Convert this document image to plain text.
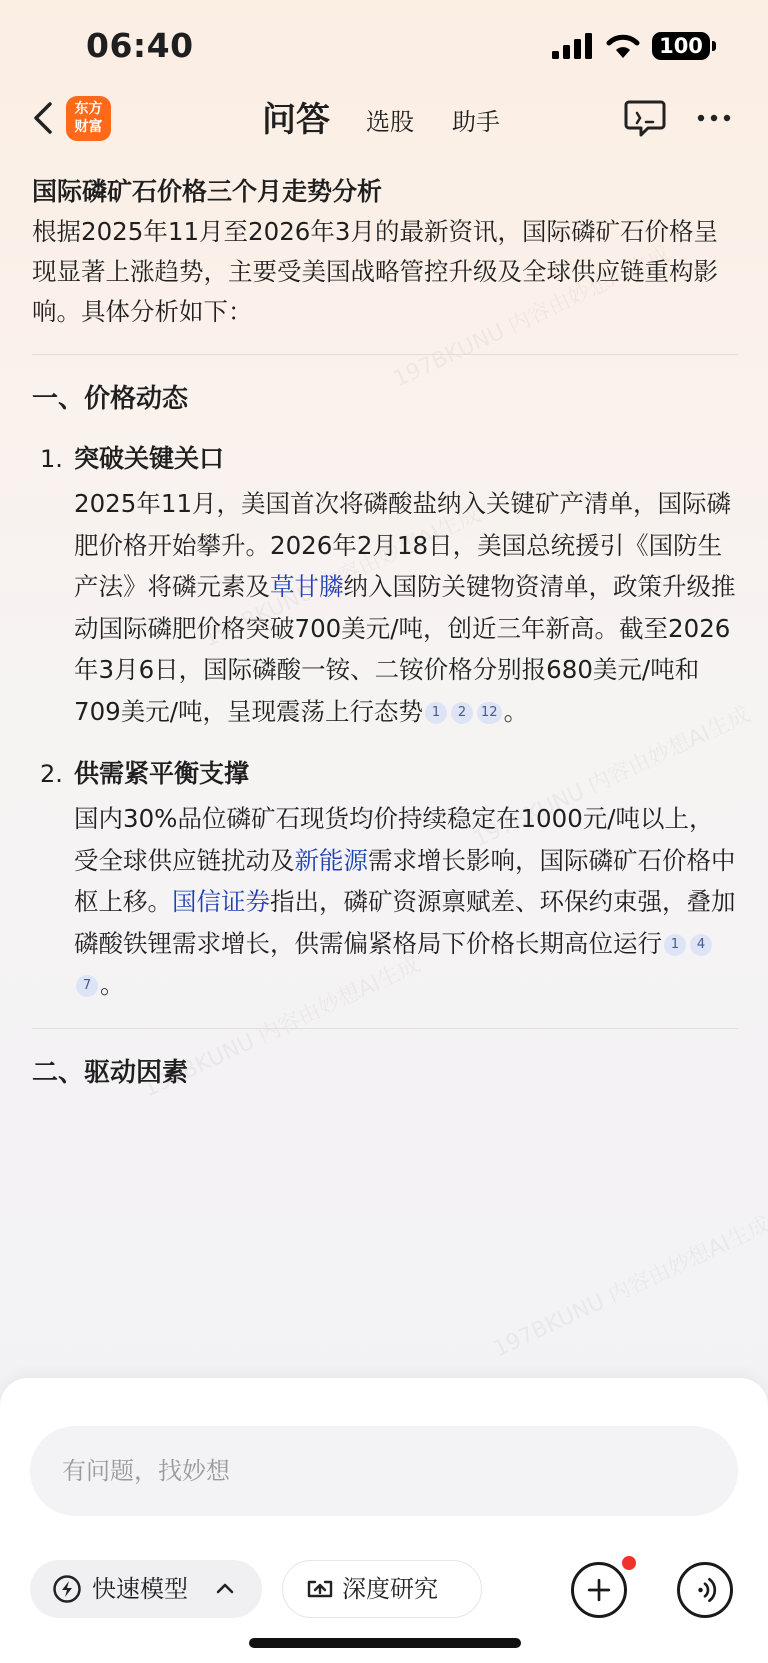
06:40	100
东方
财富	问答 选股 助手

国际磷矿石价格三个月走势分析

根据2025年11月至2026年3月的最新资讯，国际磷矿石价格呈现显著上涨趋势，主要受美国战略管控升级及全球供应链重构影响。具体分析如下：

一、价格动态

1. 突破关键关口

2025年11月，美国首次将磷酸盐纳入关键矿产清单，国际磷肥价格开始攀升。2026年2月18日，美国总统援引《国防生产法》将磷元素及草甘膦纳入国防关键物资清单，政策升级推动国际磷肥价格突破700美元/吨，创近三年新高。截至2026年3月6日，国际磷酸一铵、二铵价格分别报680美元/吨和709美元/吨，呈现震荡上行态势 1 2 12 。

2. 供需紧平衡支撑

国内30%品位磷矿石现货均价持续稳定在1000元/吨以上，受全球供应链扰动及新能源需求增长影响，国际磷矿石价格中枢上移。国信证券指出，磷矿资源禀赋差、环保约束强，叠加磷酸铁锂需求增长，供需偏紧格局下价格长期高位运行 1 47 。

二、驱动因素

有问题，找妙想
快速模型	深度研究
